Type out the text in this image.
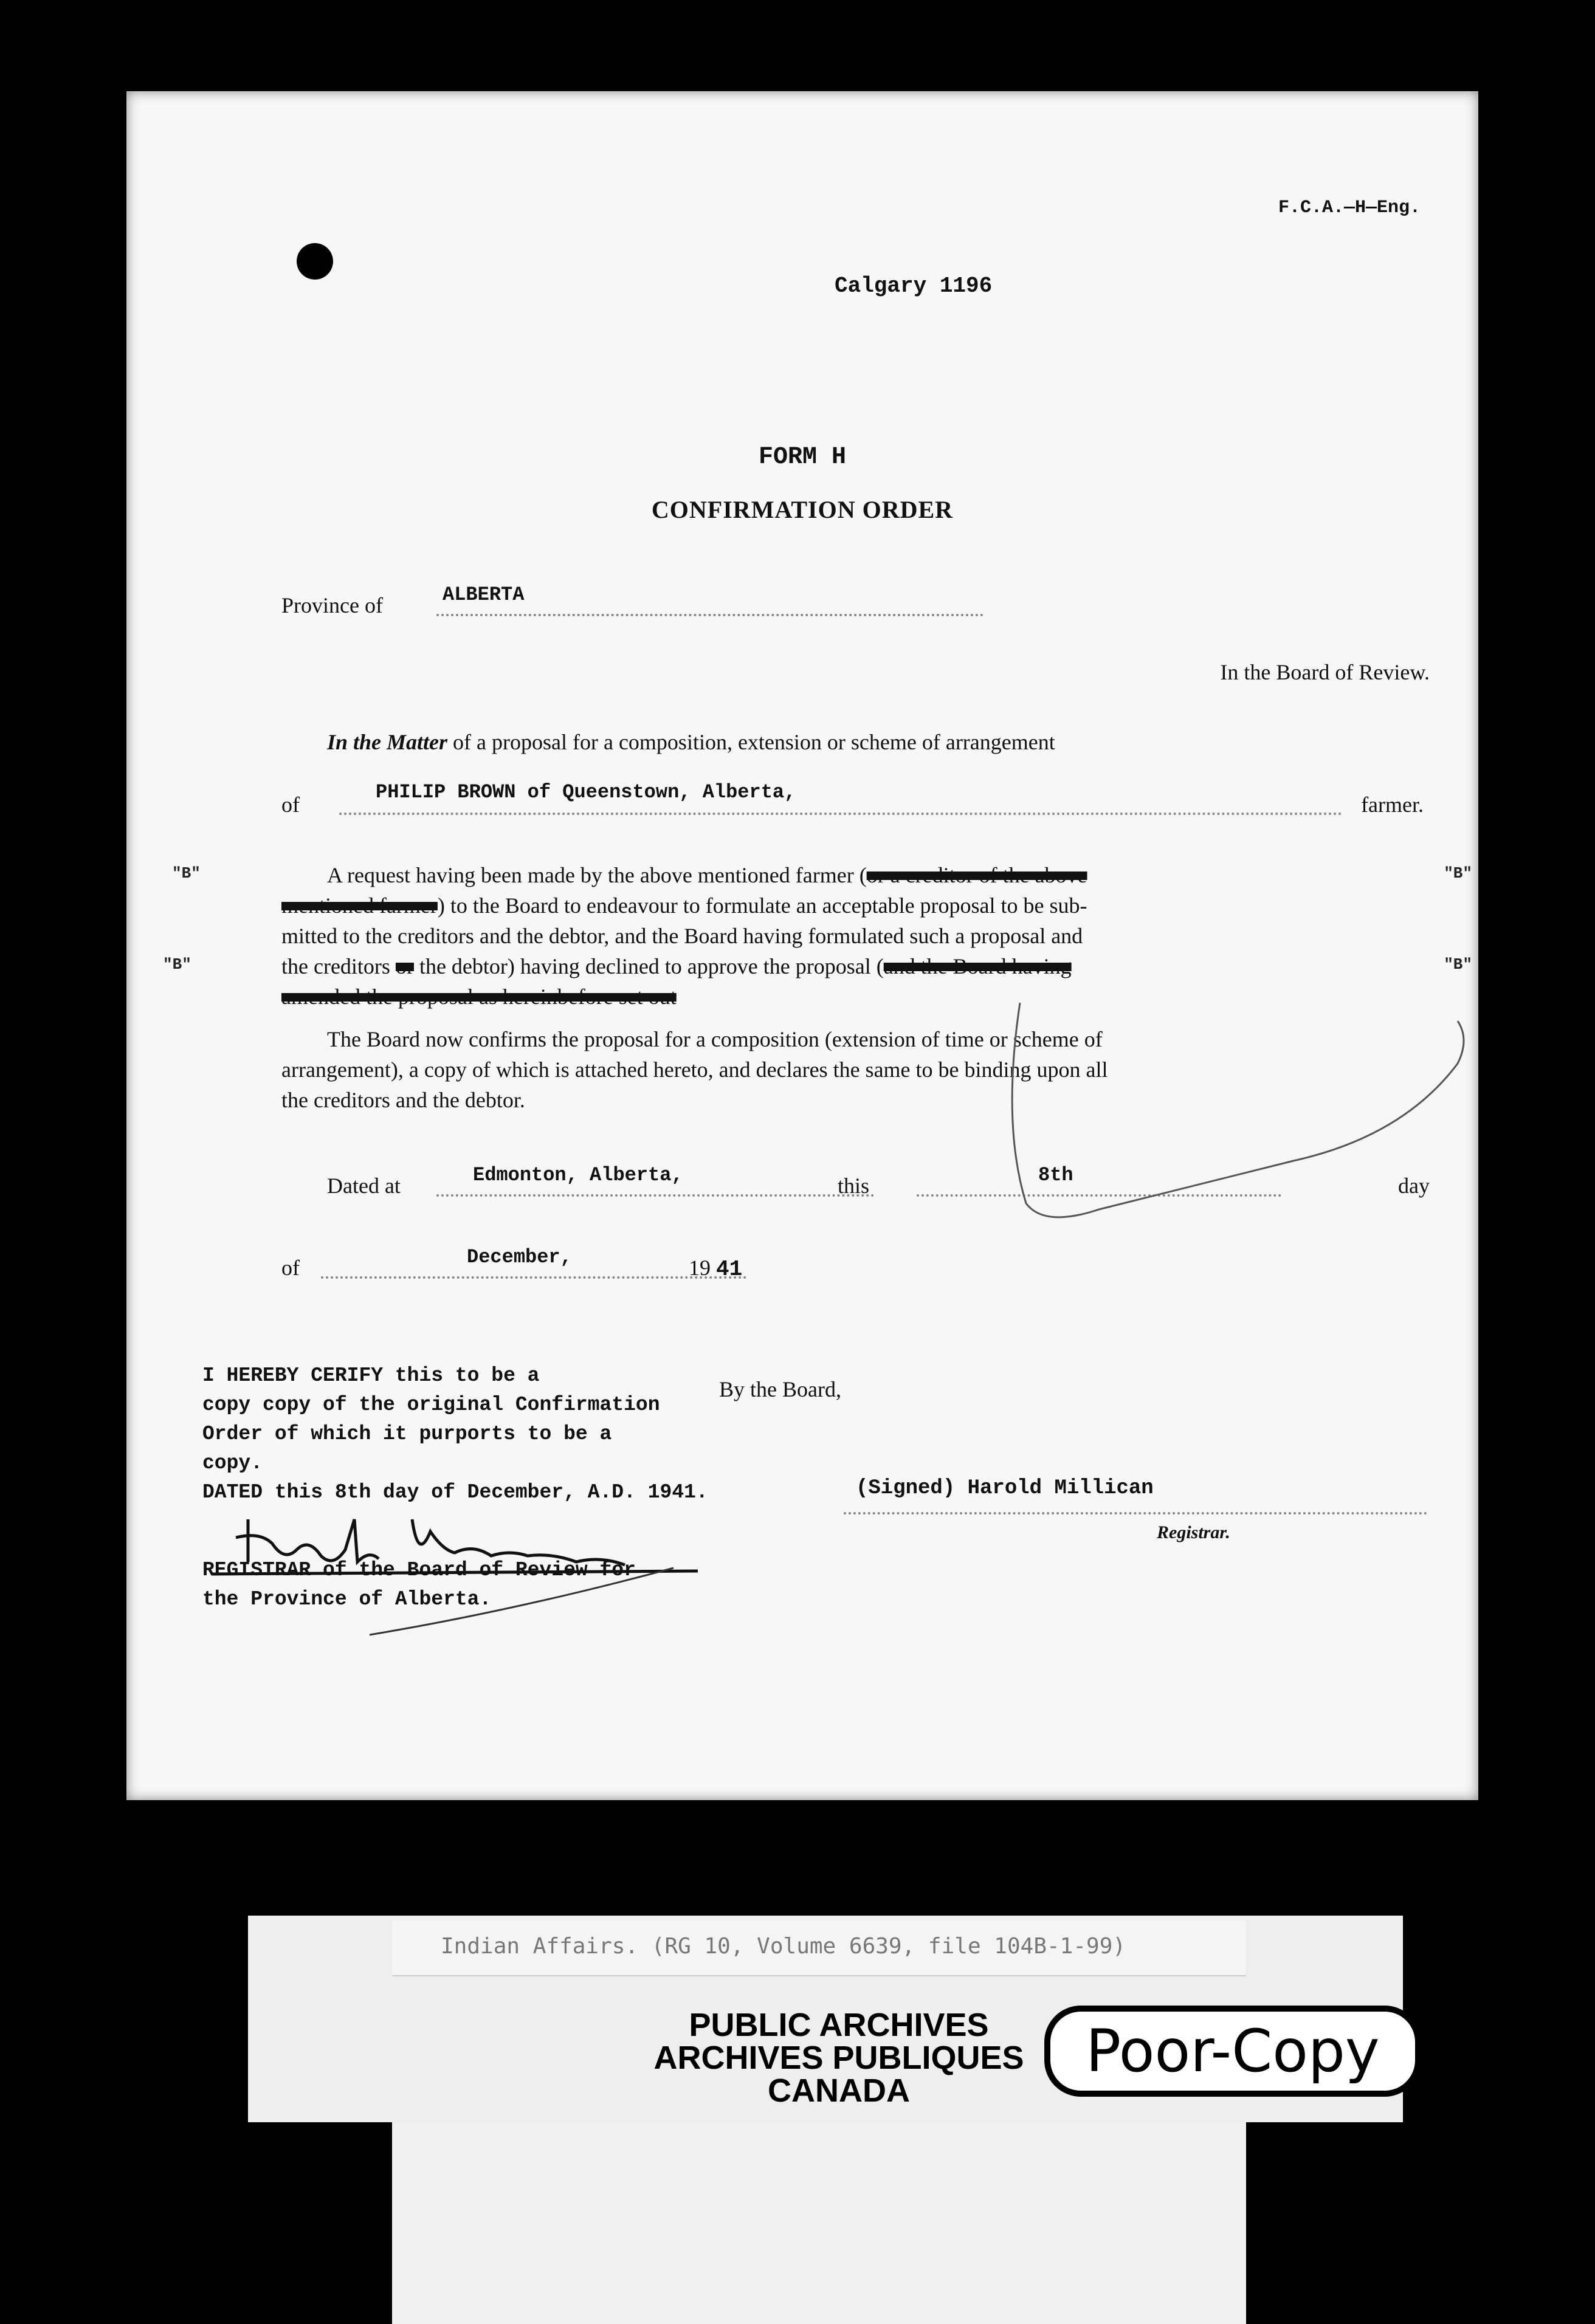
F.C.A.—H—Eng.
Calgary 1196
FORM H
CONFIRMATION ORDER
Province of	ALBERTA
In the Board of Review.
In the Matter of a proposal for a composition, extension or scheme of arrangement
of
PHILIP BROWN of Queenstown, Alberta,
farmer.
A request having been made by the above mentioned farmer (or a creditor of the above
"B"	"B"
mentioned farmer) to the Board to endeavour to formulate an acceptable proposal to be sub-
mitted to the creditors and the debtor, and the Board having formulated such a proposal and
the creditors or the debtor) having declined to approve the proposal (and the Board having
"B"	"B"
amended the proposal as hereinbefore set out
The Board now confirms the proposal for a composition (extension of time or scheme of
arrangement), a copy of which is attached hereto, and declares the same to be binding upon all
the creditors and the debtor.
Dated at	Edmonton, Alberta,	this	8th	day
of	December,	19 41
I HEREBY CERIFY this to be a
copy copy of the original Confirmation
Order of which it purports to be a
copy.
DATED this 8th day of December, A.D. 1941.
By the Board,
(Signed) Harold Millican
Registrar.
REGISTRAR of the Board of Review for
the Province of Alberta.
Indian Affairs. (RG 10, Volume 6639, file 104B-1-99)
PUBLIC ARCHIVES
ARCHIVES PUBLIQUES
CANADA
Poor-Copy
